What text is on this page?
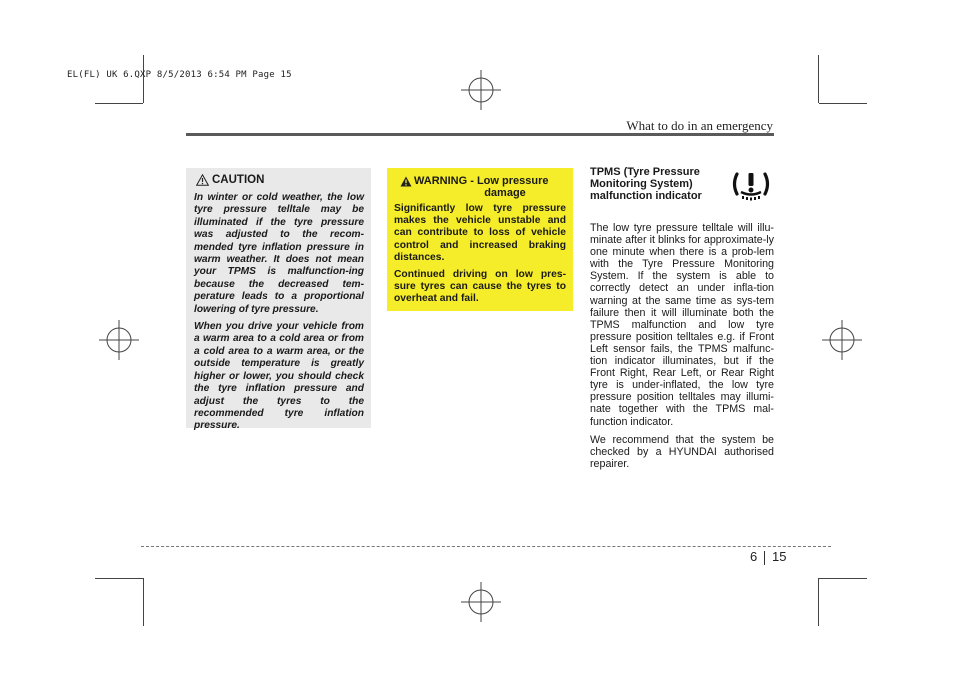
EL(FL) UK 6.QXP 8/5/2013 6:54 PM Page 15
What to do in an emergency
CAUTION

In winter or cold weather, the low tyre pressure telltale may be illuminated if the tyre pressure was adjusted to the recom-mended tyre inflation pressure in warm weather. It does not mean your TPMS is malfunction-ing because the decreased tem-perature leads to a proportional lowering of tyre pressure.

When you drive your vehicle from a warm area to a cold area or from a cold area to a warm area, or the outside temperature is greatly higher or lower, you should check the tyre inflation pressure and adjust the tyres to the recommended tyre inflation pressure.

WARNING - Low pressure
damage

Significantly low tyre pressure makes the vehicle unstable and can contribute to loss of vehicle control and increased braking distances.

Continued driving on low pres-sure tyres can cause the tyres to overheat and fail.

TPMS (Tyre Pressure
Monitoring System)
malfunction indicator

The low tyre pressure telltale will illu-minate after it blinks for approximate-ly one minute when there is a prob-lem with the Tyre Pressure Monitoring System. If the system is able to correctly detect an under infla-tion warning at the same time as sys-tem failure then it will illuminate both the TPMS malfunction and low tyre pressure position telltales e.g. if Front Left sensor fails, the TPMS malfunc-tion indicator illuminates, but if the Front Right, Rear Left, or Rear Right tyre is under-inflated, the low tyre pressure position telltales may illumi-nate together with the TPMS mal-function indicator.

We recommend that the system be checked by a HYUNDAI authorised repairer.

6 15
